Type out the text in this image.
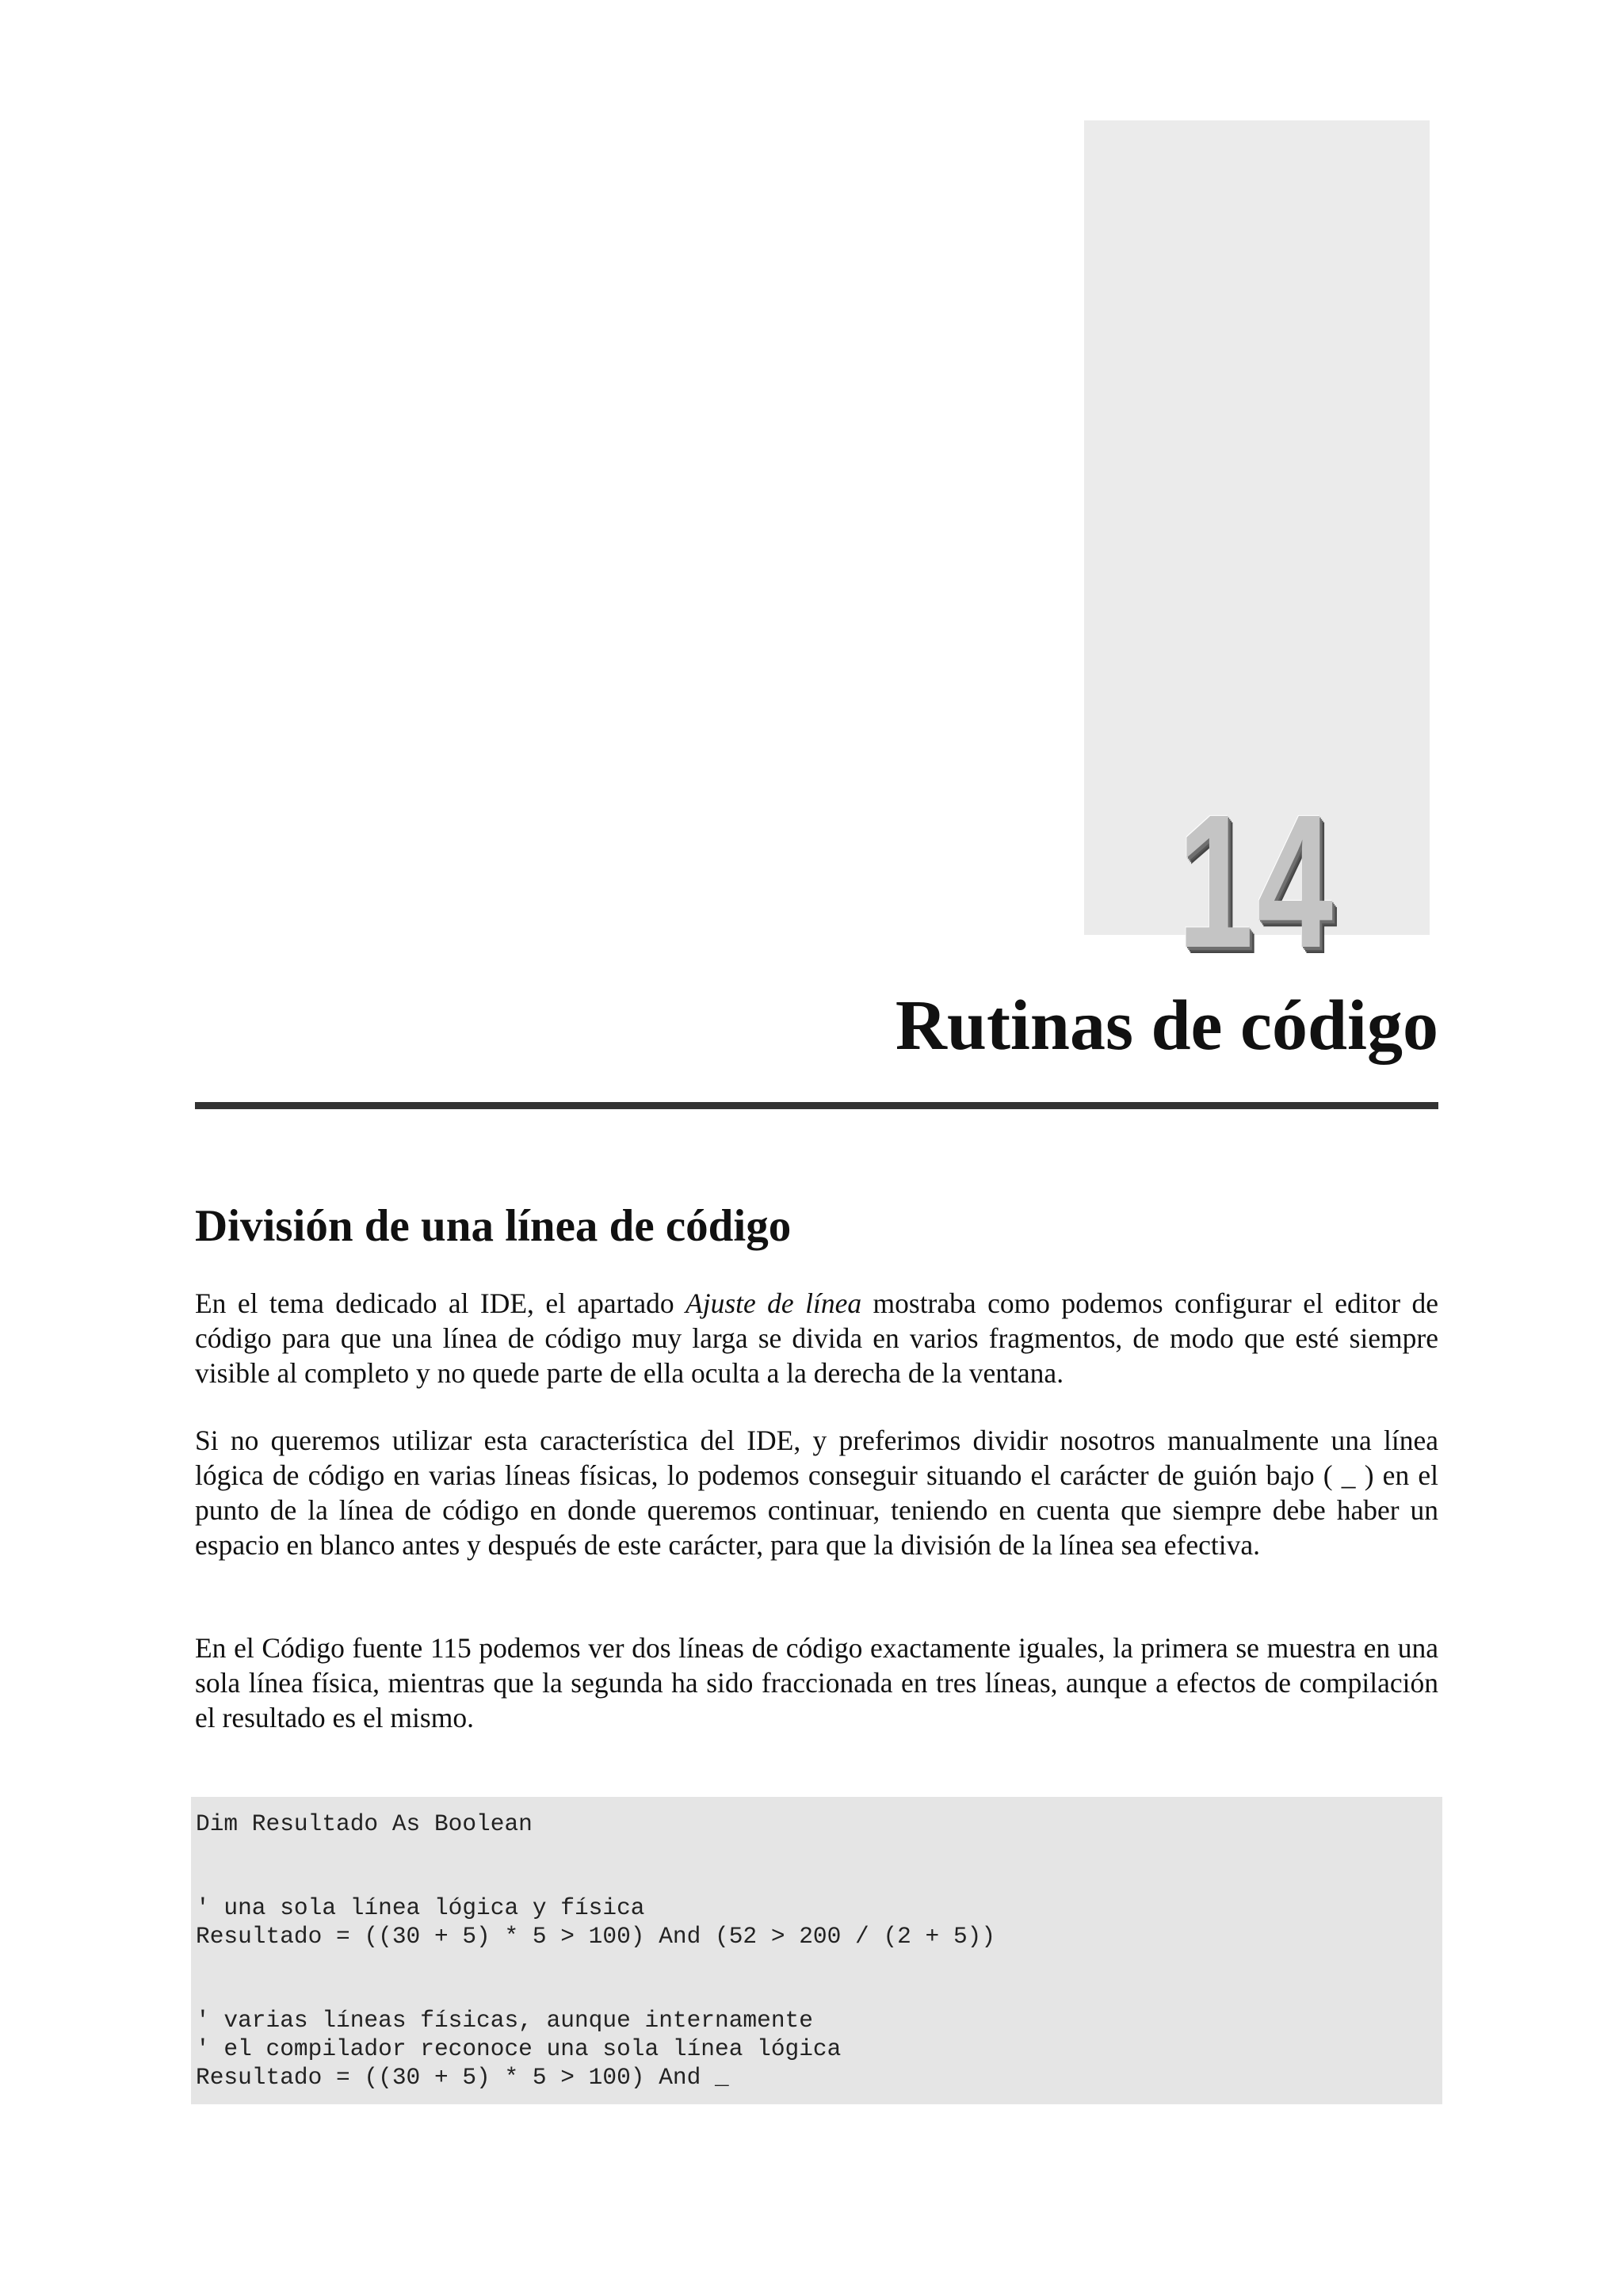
14
Rutinas de código
División de una línea de código

En el tema dedicado al IDE, el apartado Ajuste de línea mostraba como podemos configurar el editor de código para que una línea de código muy larga se divida en varios fragmentos, de modo que esté siempre visible al completo y no quede parte de ella oculta a la derecha de la ventana.

Si no queremos utilizar esta característica del IDE, y preferimos dividir nosotros manualmente una línea lógica de código en varias líneas físicas, lo podemos conseguir situando el carácter de guión bajo ( _ ) en el punto de la línea de código en donde queremos continuar, teniendo en cuenta que siempre debe haber un espacio en blanco antes y después de este carácter, para que la división de la línea sea efectiva.

En el Código fuente 115 podemos ver dos líneas de código exactamente iguales, la primera se muestra en una sola línea física, mientras que la segunda ha sido fraccionada en tres líneas, aunque a efectos de compilación el resultado es el mismo.

Dim Resultado As Boolean
' una sola línea lógica y física
Resultado = ((30 + 5) * 5 > 100) And (52 > 200 / (2 + 5))
' varias líneas físicas, aunque internamente
' el compilador reconoce una sola línea lógica
Resultado = ((30 + 5) * 5 > 100) And _
